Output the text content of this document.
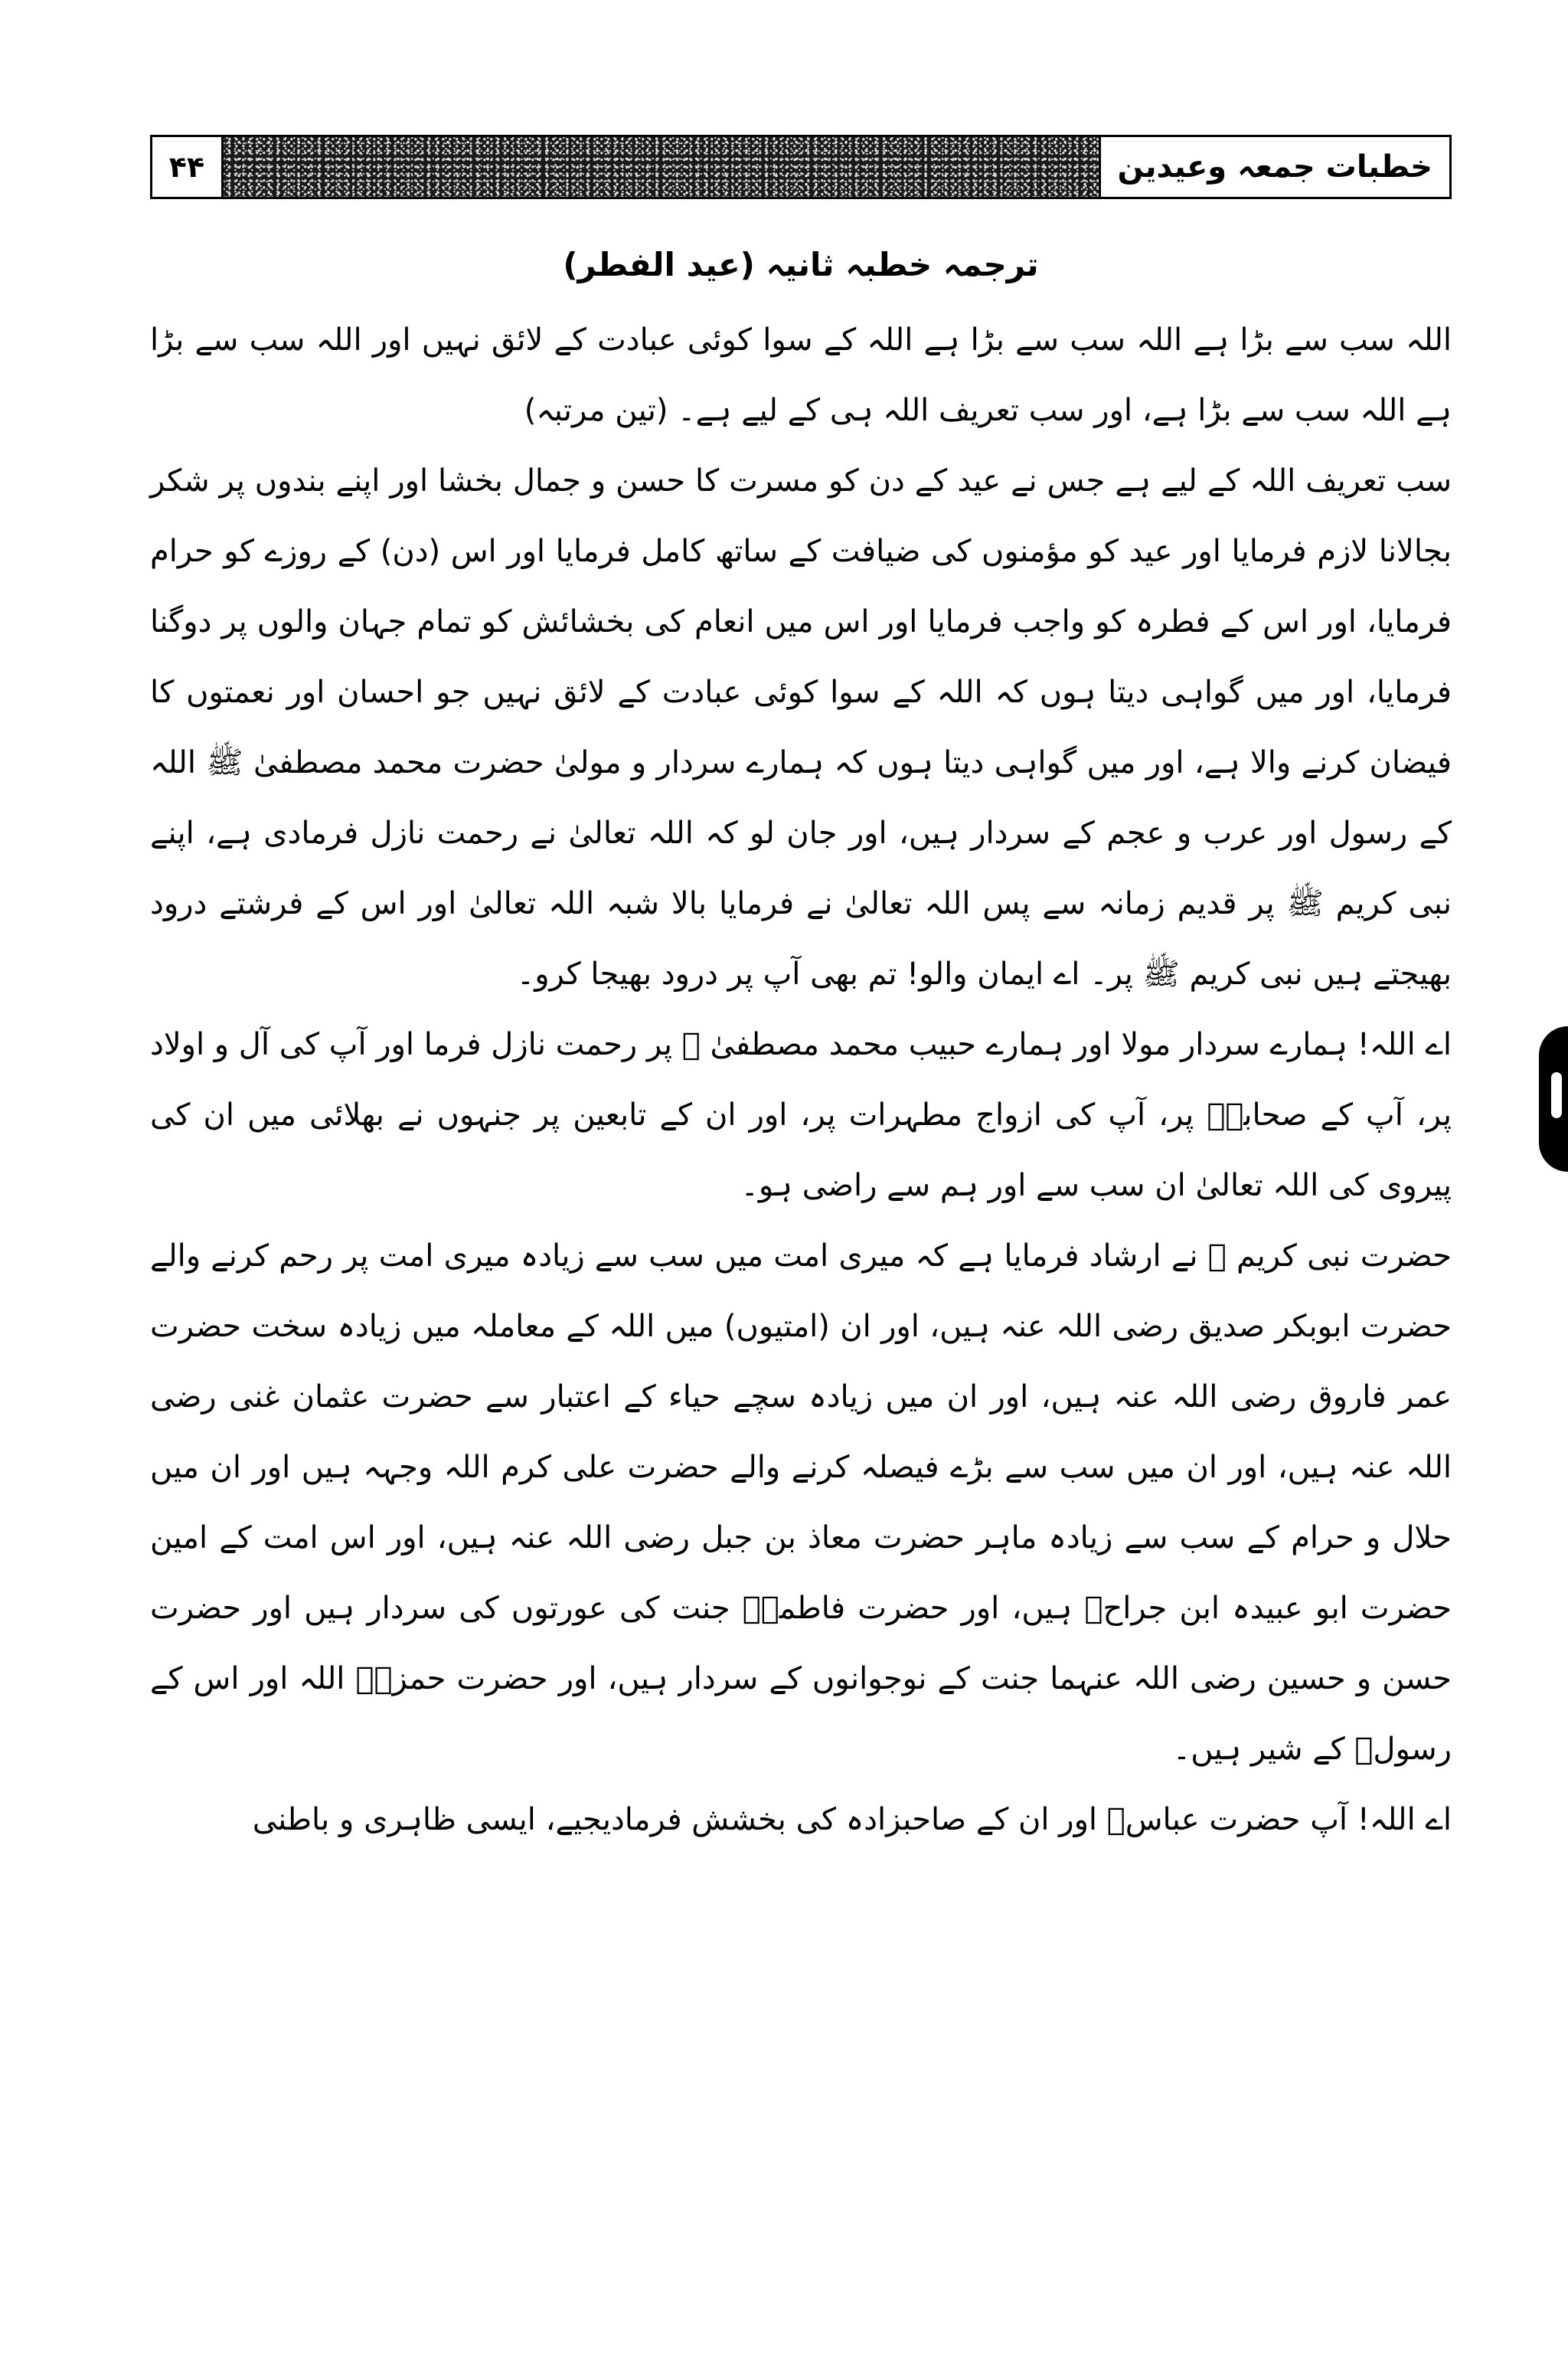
خطبات جمعہ وعیدین
۴۴
ترجمہ خطبہ ثانیہ (عید الفطر)
اللہ سب سے بڑا ہے اللہ سب سے بڑا ہے اللہ کے سوا کوئی عبادت کے لائق نہیں اور اللہ سب سے بڑا ہے اللہ سب سے بڑا ہے، اور سب تعریف اللہ ہی کے لیے ہے۔ (تین مرتبہ)
سب تعریف اللہ کے لیے ہے جس نے عید کے دن کو مسرت کا حسن و جمال بخشا اور اپنے بندوں پر شکر بجالانا لازم فرمایا اور عید کو مؤمنوں کی ضیافت کے ساتھ کامل فرمایا اور اس (دن) کے روزے کو حرام فرمایا، اور اس کے فطرہ کو واجب فرمایا اور اس میں انعام کی بخشائش کو تمام جہان والوں پر دوگنا فرمایا، اور میں گواہی دیتا ہوں کہ اللہ کے سوا کوئی عبادت کے لائق نہیں جو احسان اور نعمتوں کا فیضان کرنے والا ہے، اور میں گواہی دیتا ہوں کہ ہمارے سردار و مولیٰ حضرت محمد مصطفیٰ ﷺ اللہ کے رسول اور عرب و عجم کے سردار ہیں، اور جان لو کہ اللہ تعالیٰ نے رحمت نازل فرمادی ہے، اپنے نبی کریم ﷺ پر قدیم زمانہ سے پس اللہ تعالیٰ نے فرمایا بالا شبہ اللہ تعالیٰ اور اس کے فرشتے درود بھیجتے ہیں نبی کریم ﷺ پر۔ اے ایمان والو! تم بھی آپ پر درود بھیجا کرو۔
اے اللہ! ہمارے سردار مولا اور ہمارے حبیب محمد مصطفیٰ ﷺ پر رحمت نازل فرما اور آپ کی آل و اولاد پر، آپ کے صحابہؓ پر، آپ کی ازواج مطہرات پر، اور ان کے تابعین پر جنہوں نے بھلائی میں ان کی پیروی کی اللہ تعالیٰ ان سب سے اور ہم سے راضی ہو۔
حضرت نبی کریم ﷺ نے ارشاد فرمایا ہے کہ میری امت میں سب سے زیادہ میری امت پر رحم کرنے والے حضرت ابوبکر صدیق رضی اللہ عنہ ہیں، اور ان (امتیوں) میں اللہ کے معاملہ میں زیادہ سخت حضرت عمر فاروق رضی اللہ عنہ ہیں، اور ان میں زیادہ سچے حیاء کے اعتبار سے حضرت عثمان غنی رضی اللہ عنہ ہیں، اور ان میں سب سے بڑے فیصلہ کرنے والے حضرت علی کرم اللہ وجہہ ہیں اور ان میں حلال و حرام کے سب سے زیادہ ماہر حضرت معاذ بن جبل رضی اللہ عنہ ہیں، اور اس امت کے امین حضرت ابو عبیدہ ابن جراحؓ ہیں، اور حضرت فاطمہؓ جنت کی عورتوں کی سردار ہیں اور حضرت حسن و حسین رضی اللہ عنہما جنت کے نوجوانوں کے سردار ہیں، اور حضرت حمزہؓ اللہ اور اس کے رسولؐ کے شیر ہیں۔
اے اللہ! آپ حضرت عباسؓ اور ان کے صاحبزادہ کی بخشش فرمادیجیے، ایسی ظاہری و باطنی
